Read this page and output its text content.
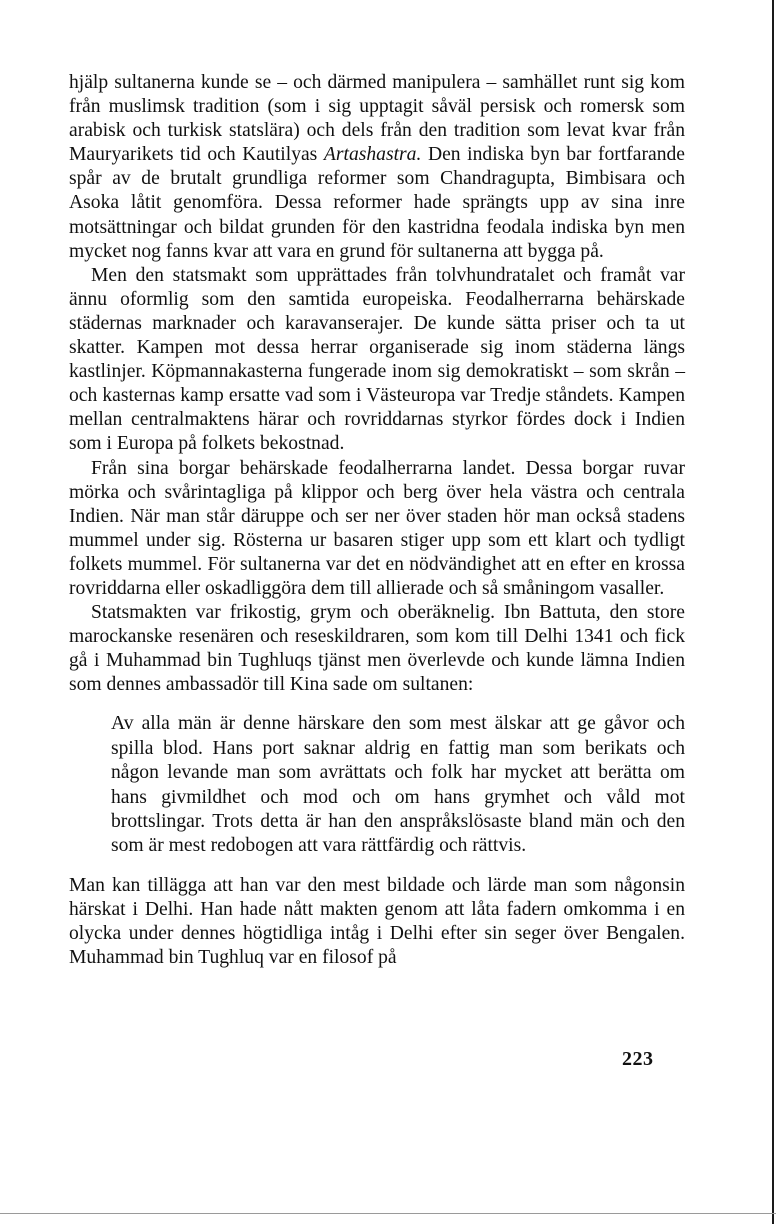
hjälp sultanerna kunde se – och därmed manipulera – samhället runt sig kom från muslimsk tradition (som i sig upptagit såväl persisk och romersk som arabisk och turkisk statslära) och dels från den tradition som levat kvar från Mauryarikets tid och Kautilyas Artashastra. Den indiska byn bar fortfarande spår av de brutalt grundliga reformer som Chandragupta, Bimbisara och Asoka låtit genomföra. Dessa reformer hade sprängts upp av sina inre motsättningar och bildat grunden för den kastridna feodala indiska byn men mycket nog fanns kvar att vara en grund för sultanerna att bygga på.

Men den statsmakt som upprättades från tolvhundratalet och framåt var ännu oformlig som den samtida europeiska. Feodalherrarna behärskade städernas marknader och karavanserajer. De kunde sätta priser och ta ut skatter. Kampen mot dessa herrar organiserade sig inom städerna längs kastlinjer. Köpmannakasterna fungerade inom sig demokratiskt – som skrån – och kasternas kamp ersatte vad som i Västeuropa var Tredje ståndets. Kampen mellan centralmaktens härar och rovriddarnas styrkor fördes dock i Indien som i Europa på folkets bekostnad.

Från sina borgar behärskade feodalherrarna landet. Dessa borgar ruvar mörka och svårintagliga på klippor och berg över hela västra och centrala Indien. När man står däruppe och ser ner över staden hör man också stadens mummel under sig. Rösterna ur basaren stiger upp som ett klart och tydligt folkets mummel. För sultanerna var det en nödvändighet att en efter en krossa rovriddarna eller oskadliggöra dem till allierade och så småningom vasaller.

Statsmakten var frikostig, grym och oberäknelig. Ibn Battuta, den store marockanske resenären och reseskildraren, som kom till Delhi 1341 och fick gå i Muhammad bin Tughluqs tjänst men överlevde och kunde lämna Indien som dennes ambassadör till Kina sade om sultanen:

Av alla män är denne härskare den som mest älskar att ge gåvor och spilla blod. Hans port saknar aldrig en fattig man som berikats och någon levande man som avrättats och folk har mycket att berätta om hans givmildhet och mod och om hans grymhet och våld mot brottslingar. Trots detta är han den anspråkslösaste bland män och den som är mest redobogen att vara rättfärdig och rättvis.

Man kan tillägga att han var den mest bildade och lärde man som någonsin härskat i Delhi. Han hade nått makten genom att låta fadern omkomma i en olycka under dennes högtidliga intåg i Delhi efter sin seger över Bengalen. Muhammad bin Tughluq var en filosof på

223
